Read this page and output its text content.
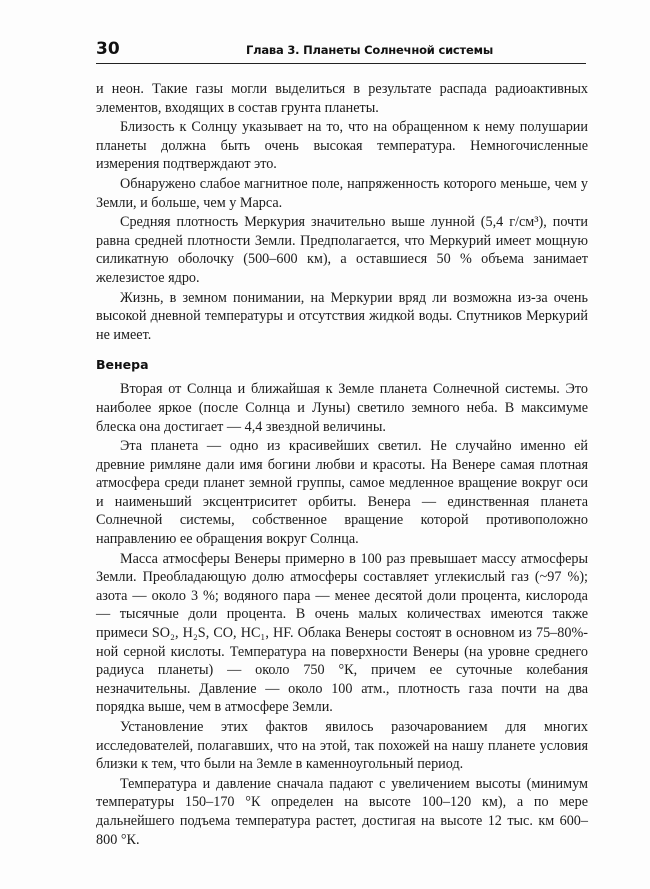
30	Глава 3. Планеты Солнечной системы

и неон. Такие газы могли выделиться в результате распада радиоактивных элементов, входящих в состав грунта планеты.

Близость к Солнцу указывает на то, что на обращенном к нему полушарии планеты должна быть очень высокая температура. Немногочисленные измерения подтверждают это.

Обнаружено слабое магнитное поле, напряженность которого меньше, чем у Земли, и больше, чем у Марса.

Средняя плотность Меркурия значительно выше лунной (5,4 г/см³), почти равна средней плотности Земли. Предполагается, что Меркурий имеет мощную силикатную оболочку (500–600 км), а оставшиеся 50 % объема занимает железистое ядро.

Жизнь, в земном понимании, на Меркурии вряд ли возможна из-за очень высокой дневной температуры и отсутствия жидкой воды. Спутников Меркурий не имеет.

Венера

Вторая от Солнца и ближайшая к Земле планета Солнечной системы. Это наиболее яркое (после Солнца и Луны) светило земного неба. В максимуме блеска она достигает — 4,4 звездной величины.

Эта планета — одно из красивейших светил. Не случайно именно ей древние римляне дали имя богини любви и красоты. На Венере самая плотная атмосфера среди планет земной группы, самое медленное вращение вокруг оси и наименьший эксцентриситет орбиты. Венера — единственная планета Солнечной системы, собственное вращение которой противоположно направлению ее обращения вокруг Солнца.

Масса атмосферы Венеры примерно в 100 раз превышает массу атмосферы Земли. Преобладающую долю атмосферы составляет углекислый газ (~97 %); азота — около 3 %; водяного пара — менее десятой доли процента, кислорода — тысячные доли процента. В очень малых количествах имеются также примеси SO₂, H₂S, CO, HC₁, HF. Облака Венеры состоят в основном из 75–80%-ной серной кислоты. Температура на поверхности Венеры (на уровне среднего радиуса планеты) — около 750 °К, причем ее суточные колебания незначительны. Давление — около 100 атм., плотность газа почти на два порядка выше, чем в атмосфере Земли.

Установление этих фактов явилось разочарованием для многих исследователей, полагавших, что на этой, так похожей на нашу планете условия близки к тем, что были на Земле в каменноугольный период.

Температура и давление сначала падают с увеличением высоты (минимум температуры 150–170 °К определен на высоте 100–120 км), а по мере дальнейшего подъема температура растет, достигая на высоте 12 тыс. км 600–800 °К.
